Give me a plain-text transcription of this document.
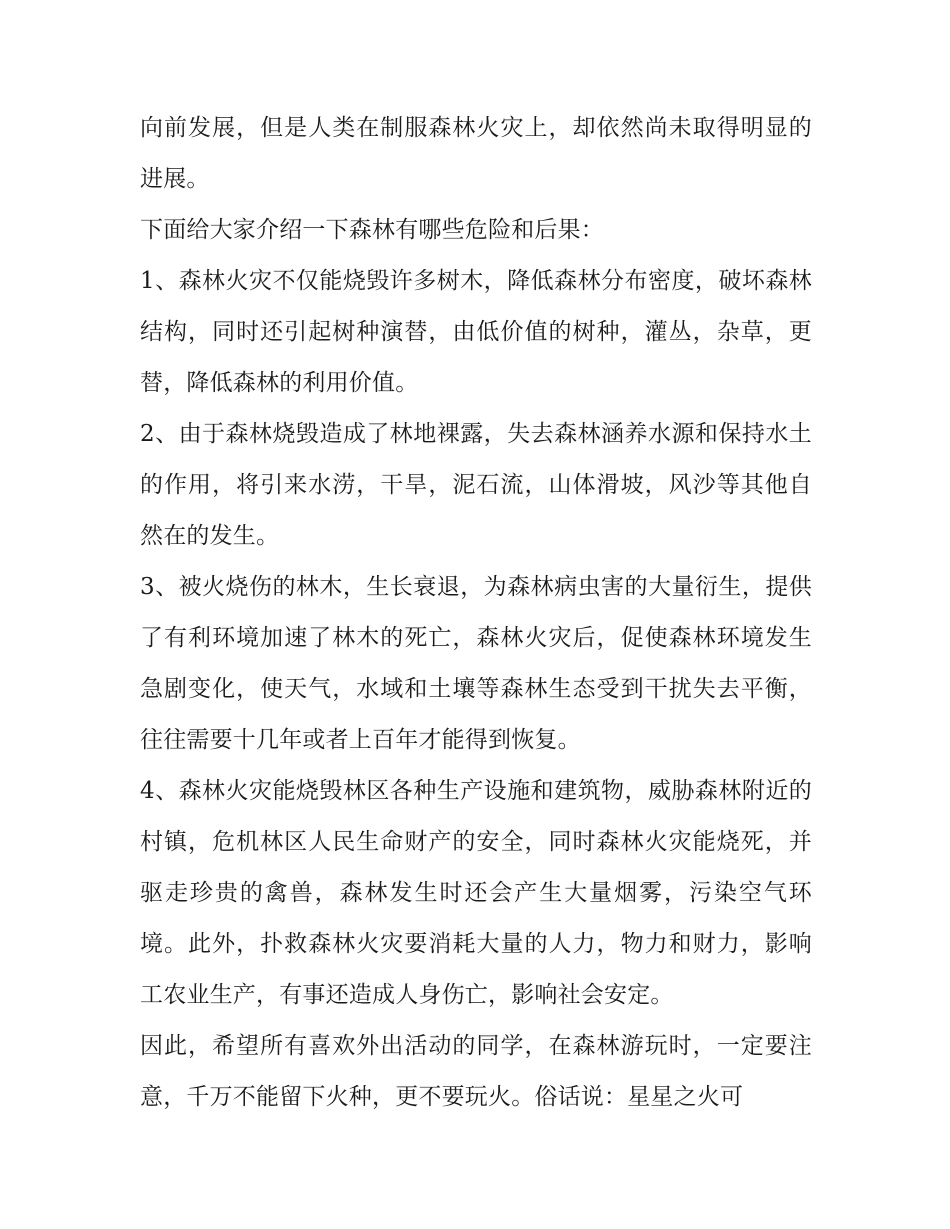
向前发展，但是人类在制服森林火灾上，却依然尚未取得明显的进展。

下面给大家介绍一下森林有哪些危险和后果：

1、森林火灾不仅能烧毁许多树木，降低森林分布密度，破坏森林结构，同时还引起树种演替，由低价值的树种，灌丛，杂草，更替，降低森林的利用价值。

2、由于森林烧毁造成了林地裸露，失去森林涵养水源和保持水土的作用，将引来水涝，干旱，泥石流，山体滑坡，风沙等其他自然在的发生。

3、被火烧伤的林木，生长衰退，为森林病虫害的大量衍生，提供了有利环境加速了林木的死亡，森林火灾后，促使森林环境发生急剧变化，使天气，水域和土壤等森林生态受到干扰失去平衡，往往需要十几年或者上百年才能得到恢复。

4、森林火灾能烧毁林区各种生产设施和建筑物，威胁森林附近的村镇，危机林区人民生命财产的安全，同时森林火灾能烧死，并驱走珍贵的禽兽，森林发生时还会产生大量烟雾，污染空气环境。此外，扑救森林火灾要消耗大量的人力，物力和财力，影响工农业生产，有事还造成人身伤亡，影响社会安定。

因此，希望所有喜欢外出活动的同学，在森林游玩时，一定要注意，千万不能留下火种，更不要玩火。俗话说：星星之火可
